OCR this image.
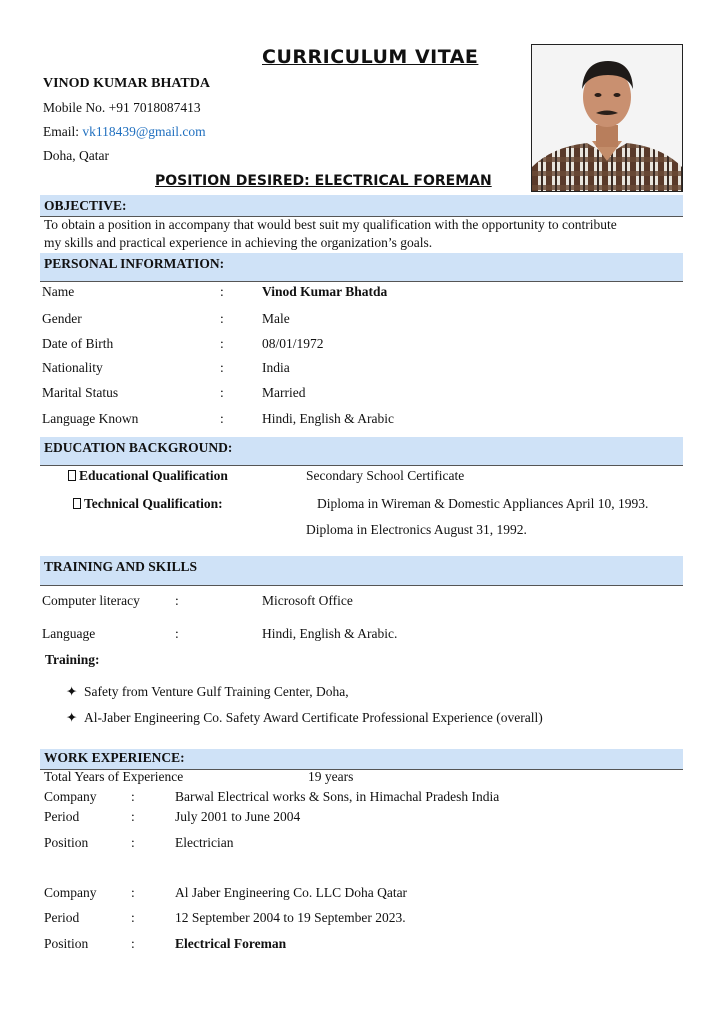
CURRICULUM VITAE
VINOD KUMAR BHATDA
Mobile No. +91 7018087413
Email: vk118439@gmail.com
Doha, Qatar
POSITION DESIRED: ELECTRICAL FOREMAN
OBJECTIVE:
To obtain a position in accompany that would best suit my qualification with the opportunity to contribute
my skills and practical experience in achieving the organization’s goals.
PERSONAL INFORMATION:
Name	:	Vinod Kumar Bhatda
Gender	:	Male
Date of Birth	:	08/01/1972
Nationality	:	India
Marital Status	:	Married
Language Known	:	Hindi, English & Arabic
EDUCATION BACKGROUND:
Educational Qualification	Secondary School Certificate
Technical Qualification:	Diploma in Wireman & Domestic Appliances April 10, 1993.
Diploma in Electronics August 31, 1992.
TRAINING AND SKILLS
Computer literacy	:	Microsoft Office
Language	:	Hindi, English & Arabic.
Training:
✦ Safety from Venture Gulf Training Center, Doha,
✦ Al-Jaber Engineering Co. Safety Award Certificate Professional Experience (overall)
WORK EXPERIENCE:
Total Years of Experience	19 years
Company	:	Barwal Electrical works & Sons, in Himachal Pradesh India
Period	:	July 2001 to June 2004
Position	:	Electrician
Company	:	Al Jaber Engineering Co. LLC Doha Qatar
Period	:	12 September 2004 to 19 September 2023.
Position	:	Electrical Foreman
